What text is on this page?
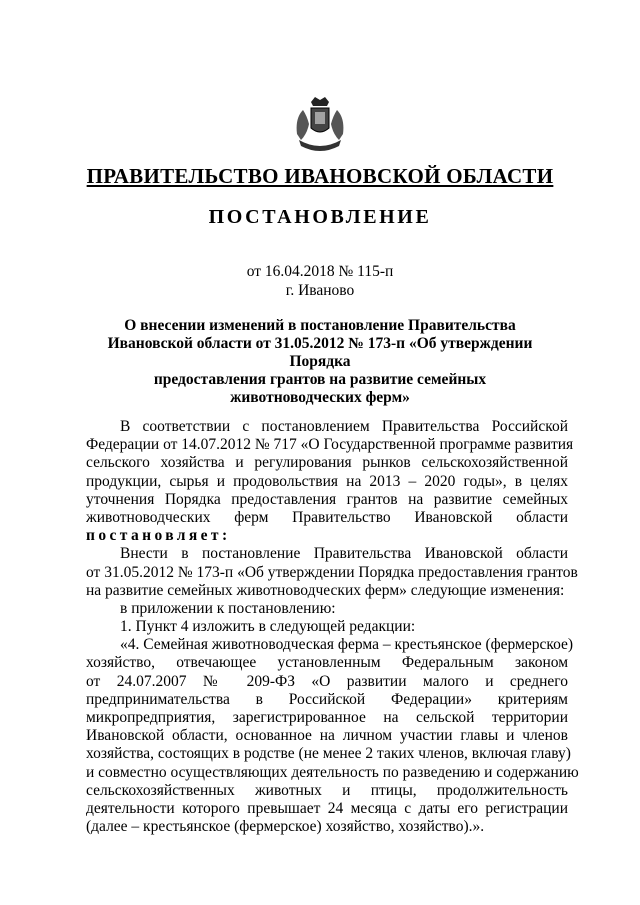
ПРАВИТЕЛЬСТВО ИВАНОВСКОЙ ОБЛАСТИ
ПОСТАНОВЛЕНИЕ
от 16.04.2018 № 115-п
г. Иваново
О внесении изменений в постановление Правительства
Ивановской области от 31.05.2012 № 173-п «Об утверждении Порядка
предоставления грантов на развитие семейных
животноводческих ферм»

В соответствии с постановлением Правительства Российской

Федерации от 14.07.2012 № 717 «О Государственной программе развития

сельского хозяйства и регулирования рынков сельскохозяйственной

продукции, сырья и продовольствия на 2013 – 2020 годы», в целях

уточнения Порядка предоставления грантов на развитие семейных

животноводческих ферм Правительство Ивановской области

постановляет:

Внести в постановление Правительства Ивановской области

от 31.05.2012 № 173-п «Об утверждении Порядка предоставления грантов

на развитие семейных животноводческих ферм» следующие изменения:

в приложении к постановлению:

1. Пункт 4 изложить в следующей редакции:

«4. Семейная животноводческая ферма – крестьянское (фермерское)

хозяйство, отвечающее установленным Федеральным законом

от 24.07.2007 № 209-ФЗ «О развитии малого и среднего

предпринимательства в Российской Федерации» критериям

микропредприятия, зарегистрированное на сельской территории

Ивановской области, основанное на личном участии главы и членов

хозяйства, состоящих в родстве (не менее 2 таких членов, включая главу)

и совместно осуществляющих деятельность по разведению и содержанию

сельскохозяйственных животных и птицы, продолжительность

деятельности которого превышает 24 месяца с даты его регистрации

(далее – крестьянское (фермерское) хозяйство, хозяйство).».
